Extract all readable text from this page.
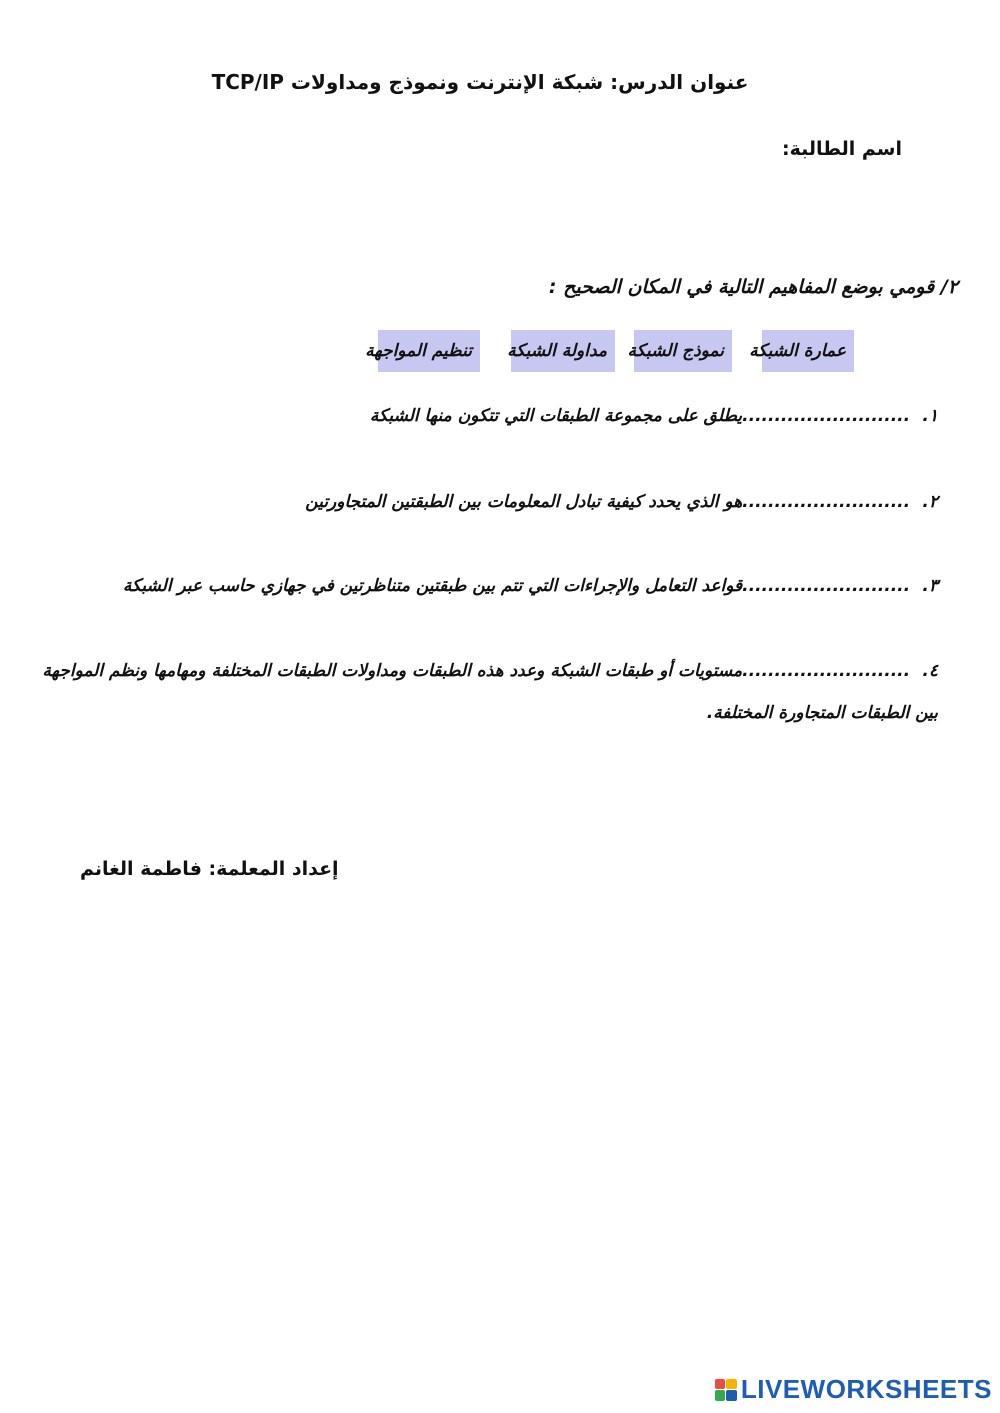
عنوان الدرس: شبكة الإنترنت ونموذج ومداولات TCP/IP
اسم الطالبة:
٢/ قومي بوضع المفاهيم التالية في المكان الصحيح :
عمارة الشبكة
نموذج الشبكة
مداولة الشبكة
تنظيم المواجهة
١. ..........................يطلق على مجموعة الطبقات التي تتكون منها الشبكة
٢. ..........................هو الذي يحدد كيفية تبادل المعلومات بين الطبقتين المتجاورتين
٣. ..........................قواعد التعامل والإجراءات التي تتم بين طبقتين متناظرتين في جهازي حاسب عبر الشبكة
٤. ..........................مستويات أو طبقات الشبكة وعدد هذه الطبقات ومداولات الطبقات المختلفة ومهامها ونظم المواجهة بين الطبقات المتجاورة المختلفة.
إعداد المعلمة: فاطمة الغانم
LIVEWORKSHEETS
